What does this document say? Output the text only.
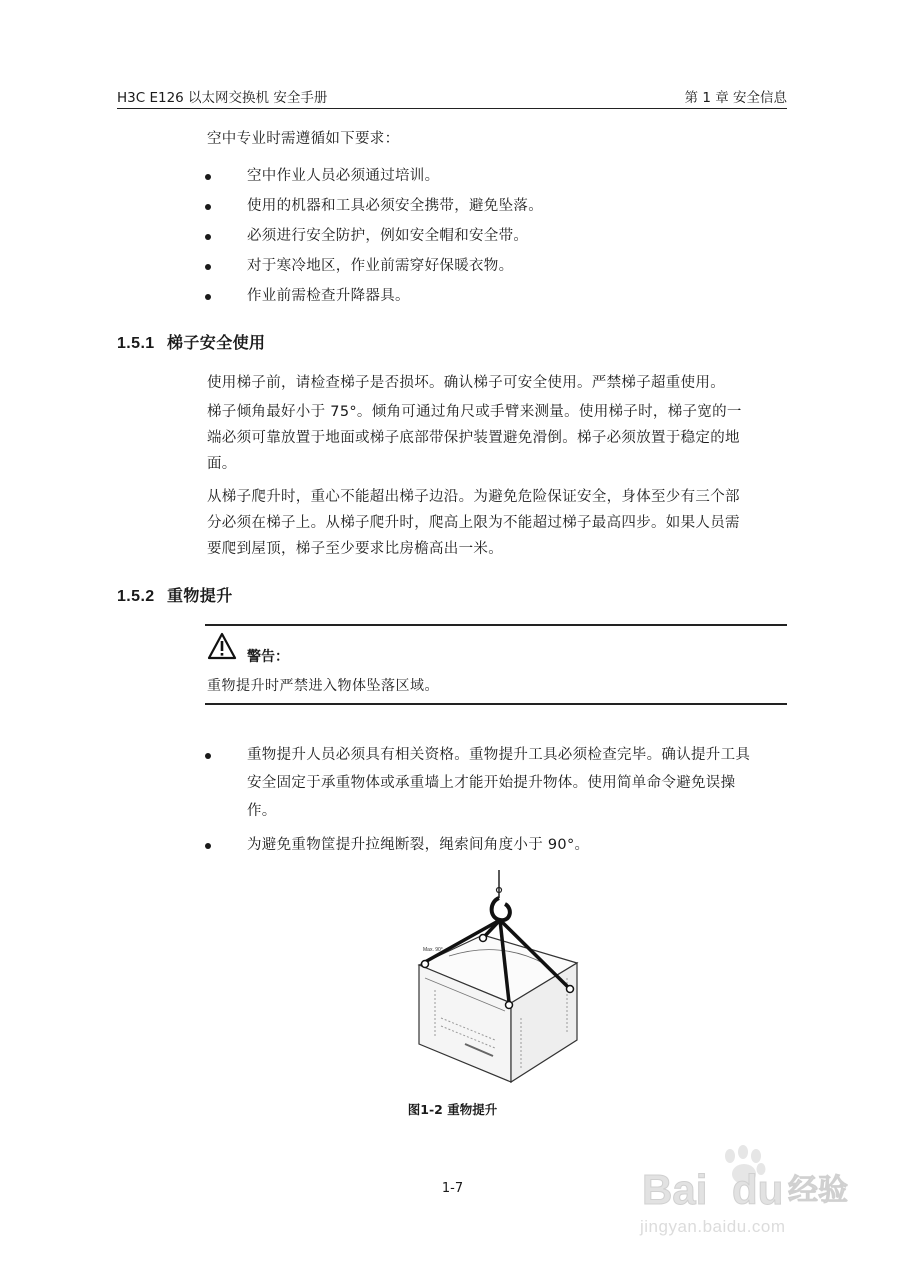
H3C E126 以太网交换机 安全手册	第 1 章 安全信息
空中专业时需遵循如下要求：
空中作业人员必须通过培训。
使用的机器和工具必须安全携带，避免坠落。
必须进行安全防护，例如安全帽和安全带。
对于寒冷地区，作业前需穿好保暖衣物。
作业前需检查升降器具。
1.5.1 梯子安全使用
使用梯子前，请检查梯子是否损坏。确认梯子可安全使用。严禁梯子超重使用。
梯子倾角最好小于 75°。倾角可通过角尺或手臂来测量。使用梯子时，梯子宽的一
端必须可靠放置于地面或梯子底部带保护装置避免滑倒。梯子必须放置于稳定的地
面。
从梯子爬升时，重心不能超出梯子边沿。为避免危险保证安全，身体至少有三个部
分必须在梯子上。从梯子爬升时，爬高上限为不能超过梯子最高四步。如果人员需
要爬到屋顶，梯子至少要求比房檐高出一米。
1.5.2 重物提升
警告：
重物提升时严禁进入物体坠落区域。
重物提升人员必须具有相关资格。重物提升工具必须检查完毕。确认提升工具
安全固定于承重物体或承重墙上才能开始提升物体。使用简单命令避免误操
作。
为避免重物筐提升拉绳断裂，绳索间角度小于 90°。
Max. 90°
图1-2 重物提升
1-7	Bai du 经验
jingyan.baidu.com
